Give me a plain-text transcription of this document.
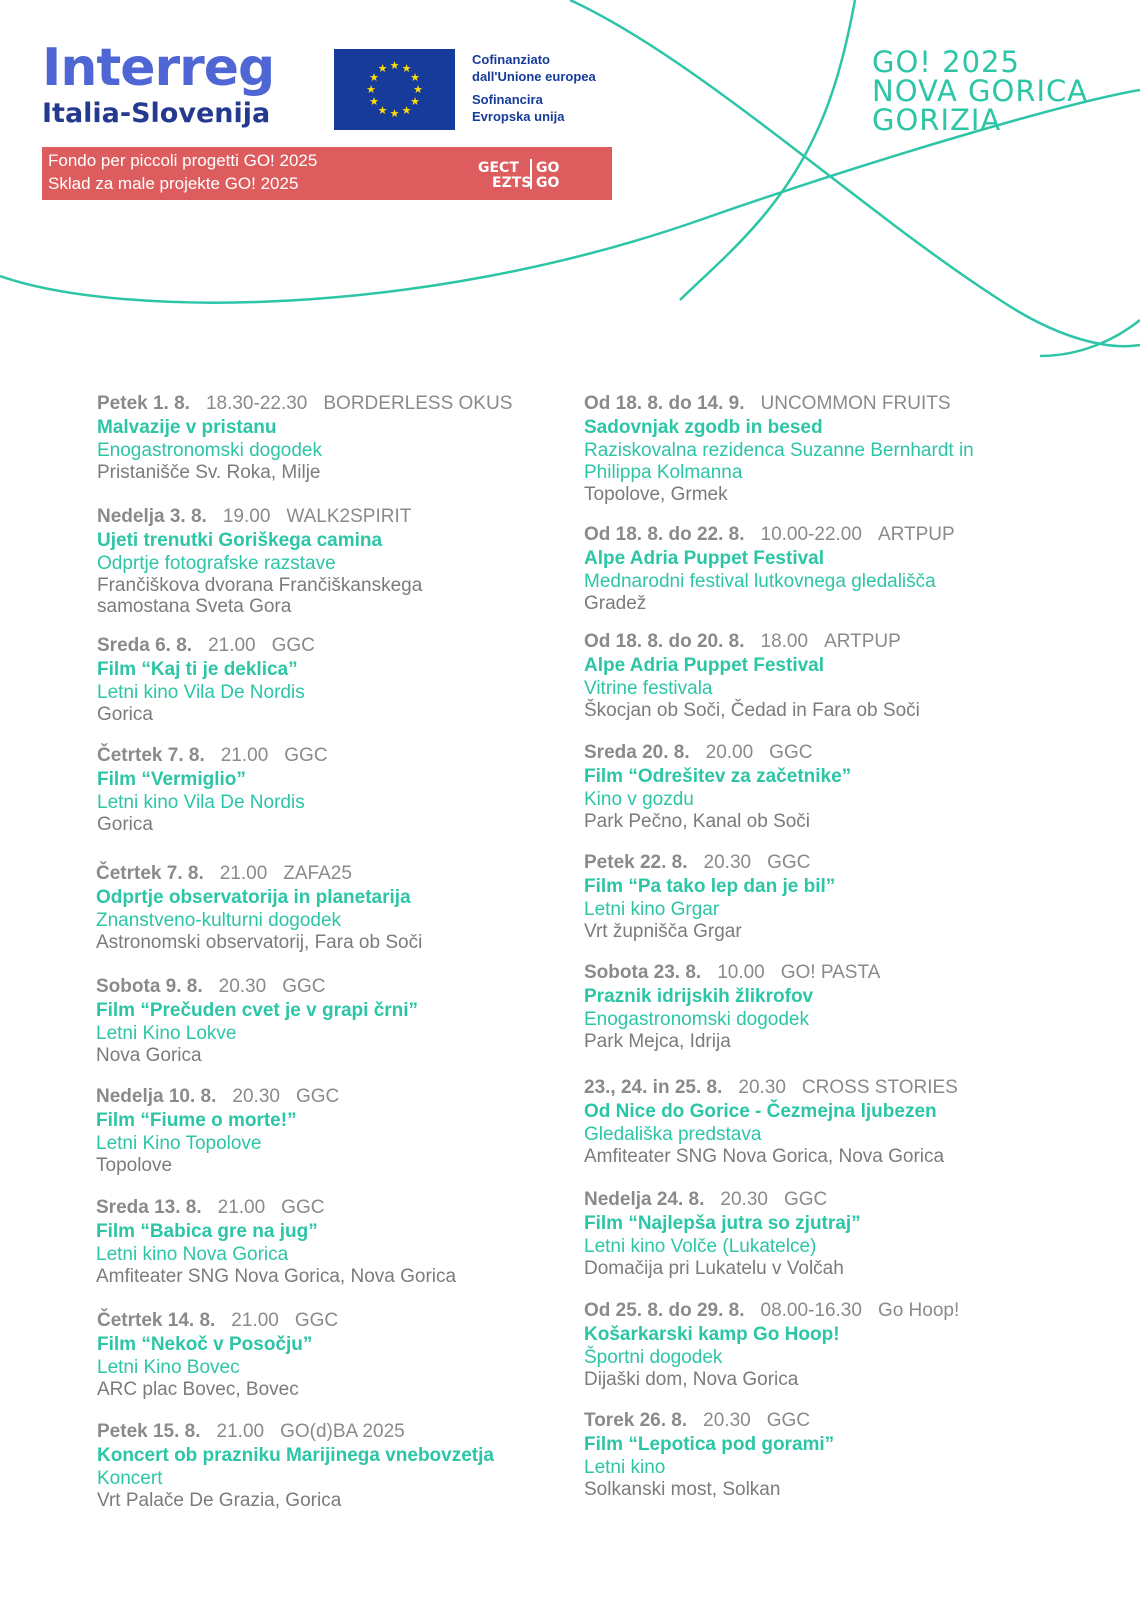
Interreg
Italia-Slovenija
★ ★
★
★
★
★
★
★
★
★
★
★
Cofinanziato
dall'Unione europea
Sofinancira
Evropska unija
Fondo per piccoli progetti GO! 2025
Sklad za male projekte GO! 2025
GECT
EZTS
GO
GO
GO! 2025
NOVA GORICA
GORIZIA
Petek 1. 8. 18.30-22.30 BORDERLESS OKUS
Malvazije v pristanu
Enogastronomski dogodek
Pristanišče Sv. Roka, Milje
Nedelja 3. 8. 19.00 WALK2SPIRIT
Ujeti trenutki Goriškega camina
Odprtje fotografske razstave
Frančiškova dvorana Frančiškanskega
samostana Sveta Gora
Sreda 6. 8. 21.00 GGC
Film “Kaj ti je deklica”
Letni kino Vila De Nordis
Gorica
Četrtek 7. 8. 21.00 GGC
Film “Vermiglio”
Letni kino Vila De Nordis
Gorica
Četrtek 7. 8. 21.00 ZAFA25
Odprtje observatorija in planetarija
Znanstveno-kulturni dogodek
Astronomski observatorij, Fara ob Soči
Sobota 9. 8. 20.30 GGC
Film “Prečuden cvet je v grapi črni”
Letni Kino Lokve
Nova Gorica
Nedelja 10. 8. 20.30 GGC
Film “Fiume o morte!”
Letni Kino Topolove
Topolove
Sreda 13. 8. 21.00 GGC
Film “Babica gre na jug”
Letni kino Nova Gorica
Amfiteater SNG Nova Gorica, Nova Gorica
Četrtek 14. 8. 21.00 GGC
Film “Nekoč v Posočju”
Letni Kino Bovec
ARC plac Bovec, Bovec
Petek 15. 8. 21.00 GO(d)BA 2025
Koncert ob prazniku Marijinega vnebovzetja
Koncert
Vrt Palače De Grazia, Gorica
Od 18. 8. do 14. 9. UNCOMMON FRUITS
Sadovnjak zgodb in besed
Raziskovalna rezidenca Suzanne Bernhardt in
Philippa Kolmanna
Topolove, Grmek
Od 18. 8. do 22. 8. 10.00-22.00 ARTPUP
Alpe Adria Puppet Festival
Mednarodni festival lutkovnega gledališča
Gradež
Od 18. 8. do 20. 8. 18.00 ARTPUP
Alpe Adria Puppet Festival
Vitrine festivala
Škocjan ob Soči, Čedad in Fara ob Soči
Sreda 20. 8. 20.00 GGC
Film “Odrešitev za začetnike”
Kino v gozdu
Park Pečno, Kanal ob Soči
Petek 22. 8. 20.30 GGC
Film “Pa tako lep dan je bil”
Letni kino Grgar
Vrt župnišča Grgar
Sobota 23. 8. 10.00 GO! PASTA
Praznik idrijskih žlikrofov
Enogastronomski dogodek
Park Mejca, Idrija
23., 24. in 25. 8. 20.30 CROSS STORIES
Od Nice do Gorice - Čezmejna ljubezen
Gledališka predstava
Amfiteater SNG Nova Gorica, Nova Gorica
Nedelja 24. 8. 20.30 GGC
Film “Najlepša jutra so zjutraj”
Letni kino Volče (Lukatelce)
Domačija pri Lukatelu v Volčah
Od 25. 8. do 29. 8. 08.00-16.30 Go Hoop!
Košarkarski kamp Go Hoop!
Športni dogodek
Dijaški dom, Nova Gorica
Torek 26. 8. 20.30 GGC
Film “Lepotica pod gorami”
Letni kino
Solkanski most, Solkan
